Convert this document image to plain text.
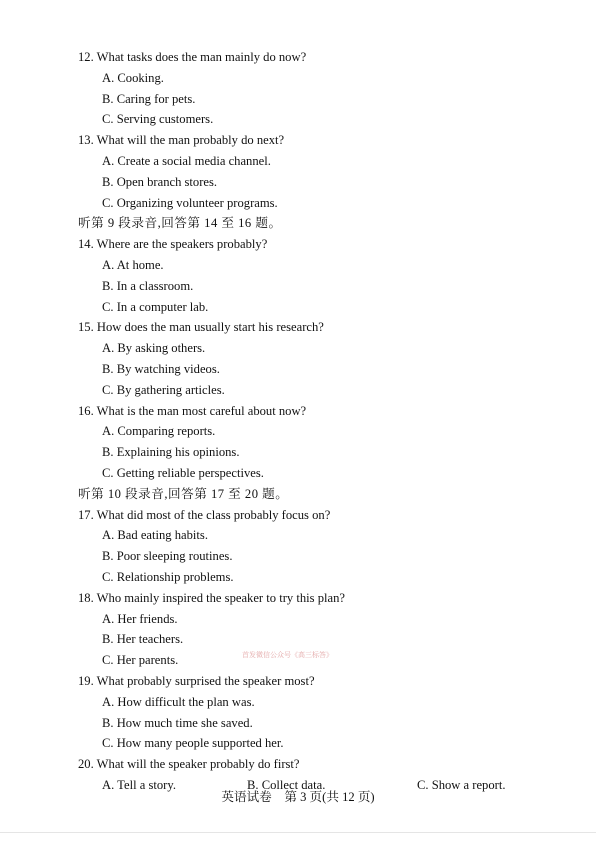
12. What tasks does the man mainly do now?
A. Cooking.
B. Caring for pets.
C. Serving customers.
13. What will the man probably do next?
A. Create a social media channel.
B. Open branch stores.
C. Organizing volunteer programs.
听第 9 段录音,回答第 14 至 16 题。
14. Where are the speakers probably?
A. At home.
B. In a classroom.
C. In a computer lab.
15. How does the man usually start his research?
A. By asking others.
B. By watching videos.
C. By gathering articles.
16. What is the man most careful about now?
A. Comparing reports.
B. Explaining his opinions.
C. Getting reliable perspectives.
听第 10 段录音,回答第 17 至 20 题。
17. What did most of the class probably focus on?
A. Bad eating habits.
B. Poor sleeping routines.
C. Relationship problems.
18. Who mainly inspired the speaker to try this plan?
A. Her friends.
B. Her teachers.
C. Her parents.
19. What probably surprised the speaker most?
A. How difficult the plan was.
B. How much time she saved.
C. How many people supported her.
20. What will the speaker probably do first?
A. Tell a story.	B. Collect data.	C. Show a report.
首发微信公众号《高三标答》
英语试卷　第 3 页(共 12 页)
